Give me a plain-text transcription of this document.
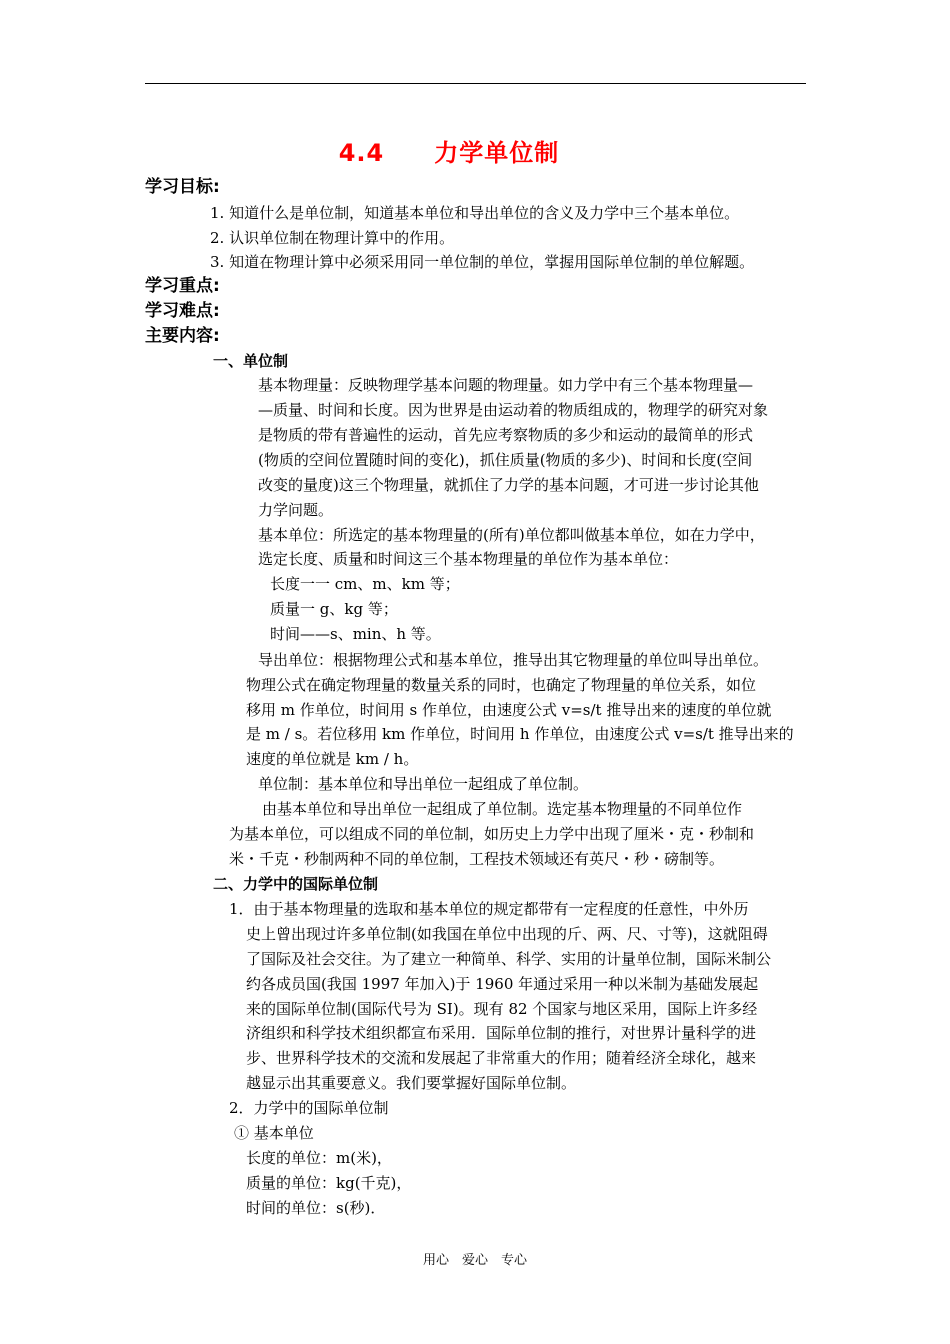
4.4　　力学单位制
学习目标:
1. 知道什么是单位制，知道基本单位和导出单位的含义及力学中三个基本单位。
2. 认识单位制在物理计算中的作用。
3. 知道在物理计算中必须采用同一单位制的单位，掌握用国际单位制的单位解题。
学习重点:
学习难点:
主要内容:
一、单位制
基本物理量：反映物理学基本问题的物理量。如力学中有三个基本物理量—
—质量、时间和长度。因为世界是由运动着的物质组成的，物理学的研究对象
是物质的带有普遍性的运动，首先应考察物质的多少和运动的最简单的形式
(物质的空间位置随时间的变化)，抓住质量(物质的多少)、时间和长度(空间
改变的量度)这三个物理量，就抓住了力学的基本问题，才可进一步讨论其他
力学问题。
基本单位：所选定的基本物理量的(所有)单位都叫做基本单位，如在力学中，
选定长度、质量和时间这三个基本物理量的单位作为基本单位：
长度一一 cm、m、km 等；
质量一 g、kg 等；
时间——s、min、h 等。
导出单位：根据物理公式和基本单位，推导出其它物理量的单位叫导出单位。
物理公式在确定物理量的数量关系的同时，也确定了物理量的单位关系，如位
移用 m 作单位，时间用 s 作单位，由速度公式 v=s/t 推导出来的速度的单位就
是 m / s。若位移用 km 作单位，时间用 h 作单位，由速度公式 v=s/t 推导出来的
速度的单位就是 km / h。
单位制：基本单位和导出单位一起组成了单位制。
由基本单位和导出单位一起组成了单位制。选定基本物理量的不同单位作
为基本单位，可以组成不同的单位制，如历史上力学中出现了厘米・克・秒制和
米・千克・秒制两种不同的单位制，工程技术领域还有英尺・秒・磅制等。
二、力学中的国际单位制
1．由于基本物理量的选取和基本单位的规定都带有一定程度的任意性，中外历
史上曾出现过许多单位制(如我国在单位中出现的斤、两、尺、寸等)，这就阻碍
了国际及社会交往。为了建立一种简单、科学、实用的计量单位制，国际米制公
约各成员国(我国 1997 年加入)于 1960 年通过采用一种以米制为基础发展起
来的国际单位制(国际代号为 SI)。现有 82 个国家与地区采用，国际上许多经
济组织和科学技术组织都宣布采用．国际单位制的推行，对世界计量科学的进
步、世界科学技术的交流和发展起了非常重大的作用；随着经济全球化，越来
越显示出其重要意义。我们要掌握好国际单位制。
2．力学中的国际单位制
① 基本单位
长度的单位：m(米)，
质量的单位：kg(千克)，
时间的单位：s(秒)．
用心　爱心　专心
